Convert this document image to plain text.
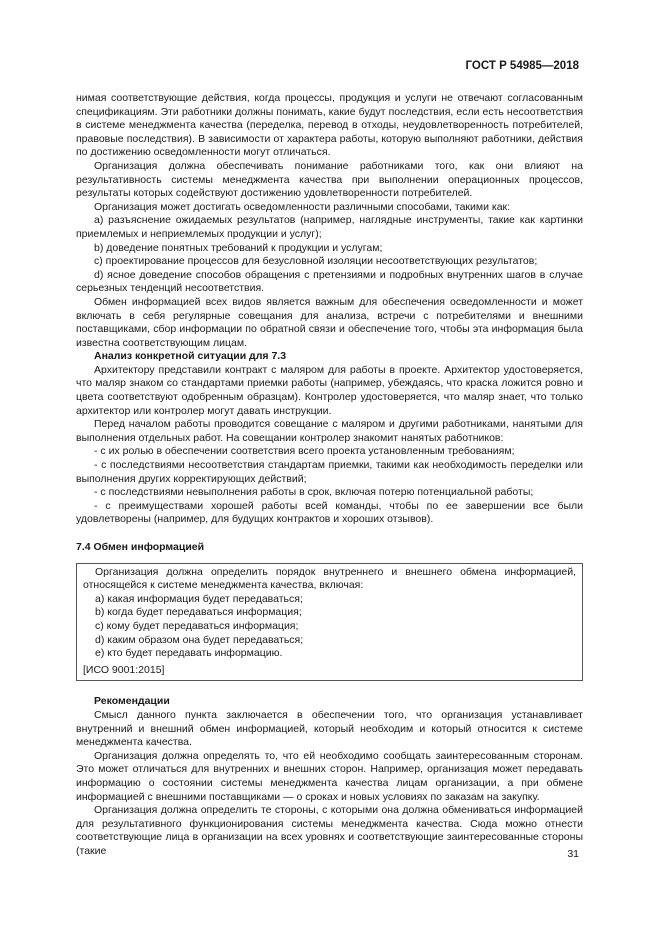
ГОСТ Р 54985—2018

нимая соответствующие действия, когда процессы, продукция и услуги не отвечают согласованным спецификациям. Эти работники должны понимать, какие будут последствия, если есть несоответствия в системе менеджмента качества (переделка, перевод в отходы, неудовлетворенность потребителей, правовые последствия). В зависимости от характера работы, которую выполняют работники, действия по достижению осведомленности могут отличаться.

Организация должна обеспечивать понимание работниками того, как они влияют на результативность системы менеджмента качества при выполнении операционных процессов, результаты которых содействуют достижению удовлетворенности потребителей.

Организация может достигать осведомленности различными способами, такими как:

а) разъяснение ожидаемых результатов (например, наглядные инструменты, такие как картинки приемлемых и неприемлемых продукции и услуг);

b) доведение понятных требований к продукции и услугам;

c) проектирование процессов для безусловной изоляции несоответствующих результатов;

d) ясное доведение способов обращения с претензиями и подробных внутренних шагов в случае серьезных тенденций несоответствия.

Обмен информацией всех видов является важным для обеспечения осведомленности и может включать в себя регулярные совещания для анализа, встречи с потребителями и внешними поставщиками, сбор информации по обратной связи и обеспечение того, чтобы эта информация была известна соответствующим лицам.

Анализ конкретной ситуации для 7.3

Архитектору представили контракт с маляром для работы в проекте. Архитектор удостоверяется, что маляр знаком со стандартами приемки работы (например, убеждаясь, что краска ложится ровно и цвета соответствуют одобренным образцам). Контролер удостоверяется, что маляр знает, что только архитектор или контролер могут давать инструкции.

Перед началом работы проводится совещание с маляром и другими работниками, нанятыми для выполнения отдельных работ. На совещании контролер знакомит нанятых работников:

- с их ролью в обеспечении соответствия всего проекта установленным требованиям;

- с последствиями несоответствия стандартам приемки, такими как необходимость переделки или выполнения других корректирующих действий;

- с последствиями невыполнения работы в срок, включая потерю потенциальной работы;

- с преимуществами хорошей работы всей команды, чтобы по ее завершении все были удовлетворены (например, для будущих контрактов и хороших отзывов).

7.4 Обмен информацией

Организация должна определить порядок внутреннего и внешнего обмена информацией, относящейся к системе менеджмента качества, включая:

а) какая информация будет передаваться;

b) когда будет передаваться информация;

c) кому будет передаваться информация;

d) каким образом она будет передаваться;

e) кто будет передавать информацию.

[ИСО 9001:2015]

Рекомендации

Смысл данного пункта заключается в обеспечении того, что организация устанавливает внутренний и внешний обмен информацией, который необходим и который относится к системе менеджмента качества.

Организация должна определять то, что ей необходимо сообщать заинтересованным сторонам. Это может отличаться для внутренних и внешних сторон. Например, организация может передавать информацию о состоянии системы менеджмента качества лицам организации, а при обмене информацией с внешними поставщиками — о сроках и новых условиях по заказам на закупку.

Организация должна определить те стороны, с которыми она должна обмениваться информацией для результативного функционирования системы менеджмента качества. Сюда можно отнести соответствующие лица в организации на всех уровнях и соответствующие заинтересованные стороны (такие	31
